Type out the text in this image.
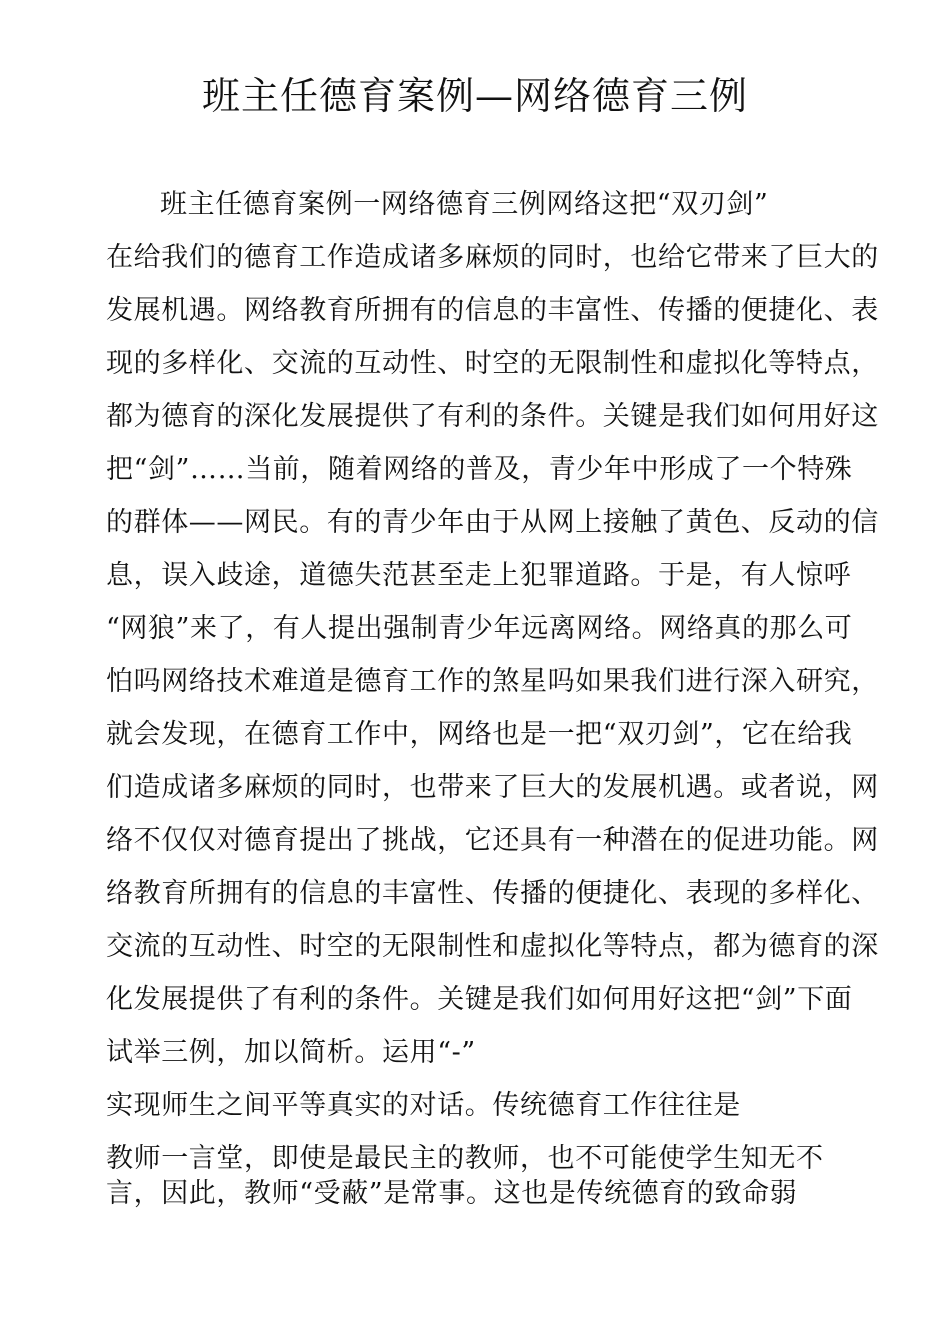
班主任德育案例—网络德育三例
班主任德育案例一网络德育三例网络这把“双刃剑”
在给我们的德育工作造成诸多麻烦的同时，也给它带来了巨大的
发展机遇。网络教育所拥有的信息的丰富性、传播的便捷化、表
现的多样化、交流的互动性、时空的无限制性和虚拟化等特点，
都为德育的深化发展提供了有利的条件。关键是我们如何用好这
把“剑”……当前，随着网络的普及，青少年中形成了一个特殊
的群体——网民。有的青少年由于从网上接触了黄色、反动的信
息，误入歧途，道德失范甚至走上犯罪道路。于是，有人惊呼
“网狼”来了，有人提出强制青少年远离网络。网络真的那么可
怕吗网络技术难道是德育工作的煞星吗如果我们进行深入研究，
就会发现，在德育工作中，网络也是一把“双刃剑”，它在给我
们造成诸多麻烦的同时，也带来了巨大的发展机遇。或者说，网
络不仅仅对德育提出了挑战，它还具有一种潜在的促进功能。网
络教育所拥有的信息的丰富性、传播的便捷化、表现的多样化、
交流的互动性、时空的无限制性和虚拟化等特点，都为德育的深
化发展提供了有利的条件。关键是我们如何用好这把“剑”下面
试举三例，加以简析。运用“-”
实现师生之间平等真实的对话。传统德育工作往往是
教师一言堂，即使是最民主的教师，也不可能使学生知无不
言，因此，教师“受蔽”是常事。这也是传统德育的致命弱
